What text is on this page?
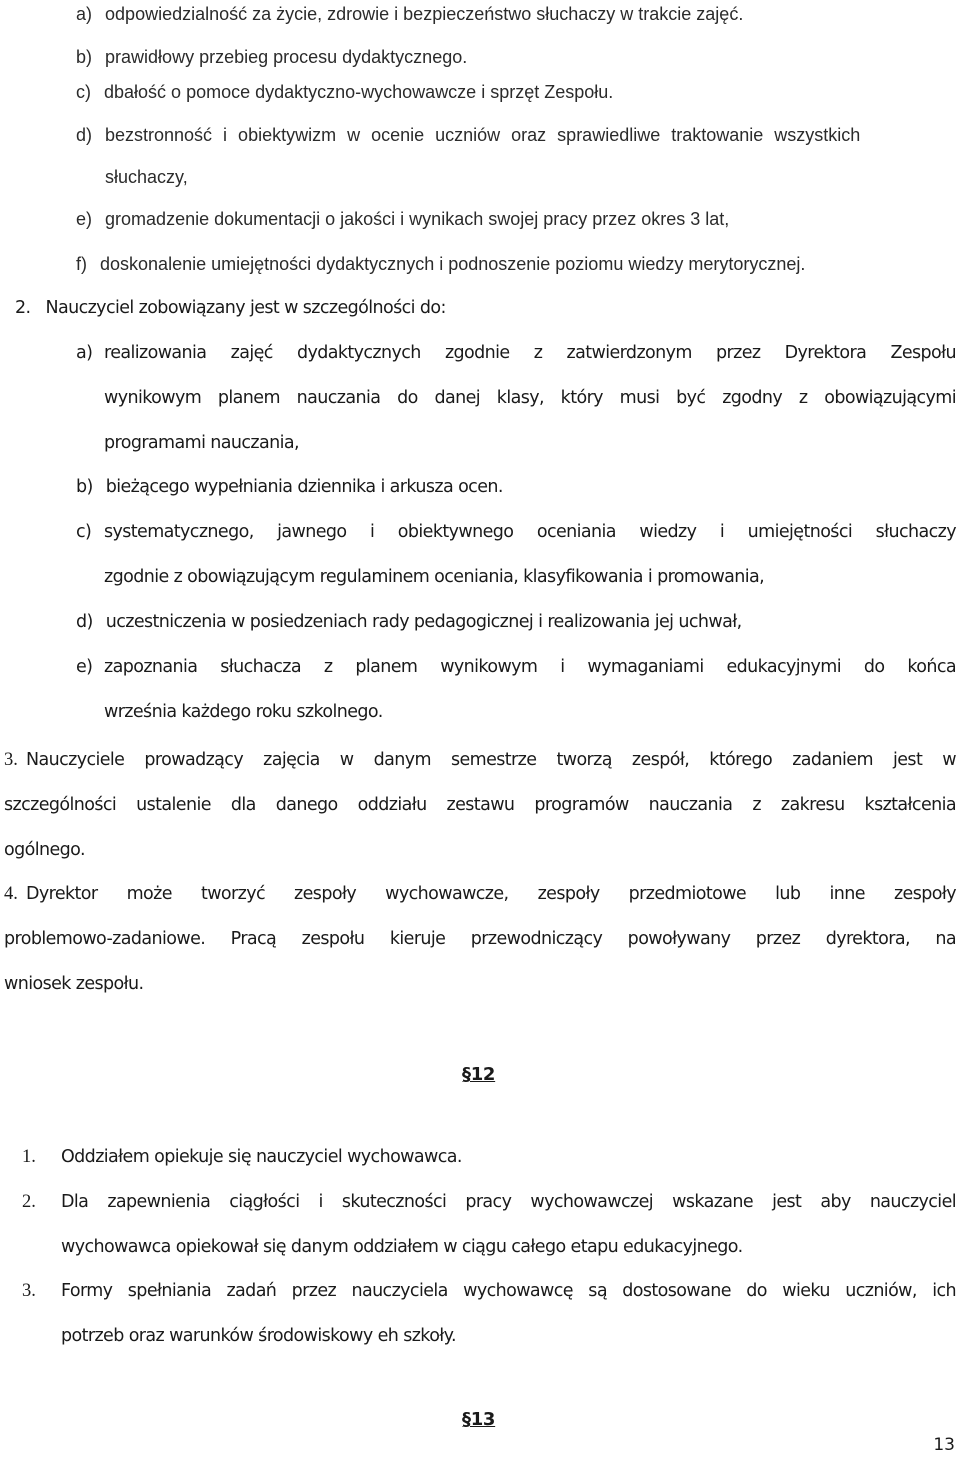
a) odpowiedzialność za życie, zdrowie i bezpieczeństwo słuchaczy w trakcie zajęć.
b) prawidłowy przebieg procesu dydaktycznego.
c) dbałość o pomoce dydaktyczno-wychowawcze i sprzęt Zespołu.
d) bezstronność i obiektywizm w ocenie uczniów oraz sprawiedliwe traktowanie wszystkich
słuchaczy,
e) gromadzenie dokumentacji o jakości i wynikach swojej pracy przez okres 3 lat,
f) doskonalenie umiejętności dydaktycznych i podnoszenie poziomu wiedzy merytorycznej.
2. Nauczyciel zobowiązany jest w szczególności do:
a) realizowania zajęć dydaktycznych zgodnie z zatwierdzonym przez Dyrektora Zespołu
wynikowym planem nauczania do danej klasy, który musi być zgodny z obowiązującymi
programami nauczania,
b) bieżącego wypełniania dziennika i arkusza ocen.
c) systematycznego, jawnego i obiektywnego oceniania wiedzy i umiejętności słuchaczy
zgodnie z obowiązującym regulaminem oceniania, klasyfikowania i promowania,
d) uczestniczenia w posiedzeniach rady pedagogicznej i realizowania jej uchwał,
e) zapoznania słuchacza z planem wynikowym i wymaganiami edukacyjnymi do końca
września każdego roku szkolnego.
3. Nauczyciele prowadzący zajęcia w danym semestrze tworzą zespół, którego zadaniem jest w
szczególności ustalenie dla danego oddziału zestawu programów nauczania z zakresu kształcenia
ogólnego.
4. Dyrektor może tworzyć zespoły wychowawcze, zespoły przedmiotowe lub inne zespoły
problemowo-zadaniowe. Pracą zespołu kieruje przewodniczący powoływany przez dyrektora, na
wniosek zespołu.
§12
1. Oddziałem opiekuje się nauczyciel wychowawca.
2. Dla zapewnienia ciągłości i skuteczności pracy wychowawczej wskazane jest aby nauczyciel
wychowawca opiekował się danym oddziałem w ciągu całego etapu edukacyjnego.
3. Formy spełniania zadań przez nauczyciela wychowawcę są dostosowane do wieku uczniów, ich
potrzeb oraz warunków środowiskowy eh szkoły.
§13
13
